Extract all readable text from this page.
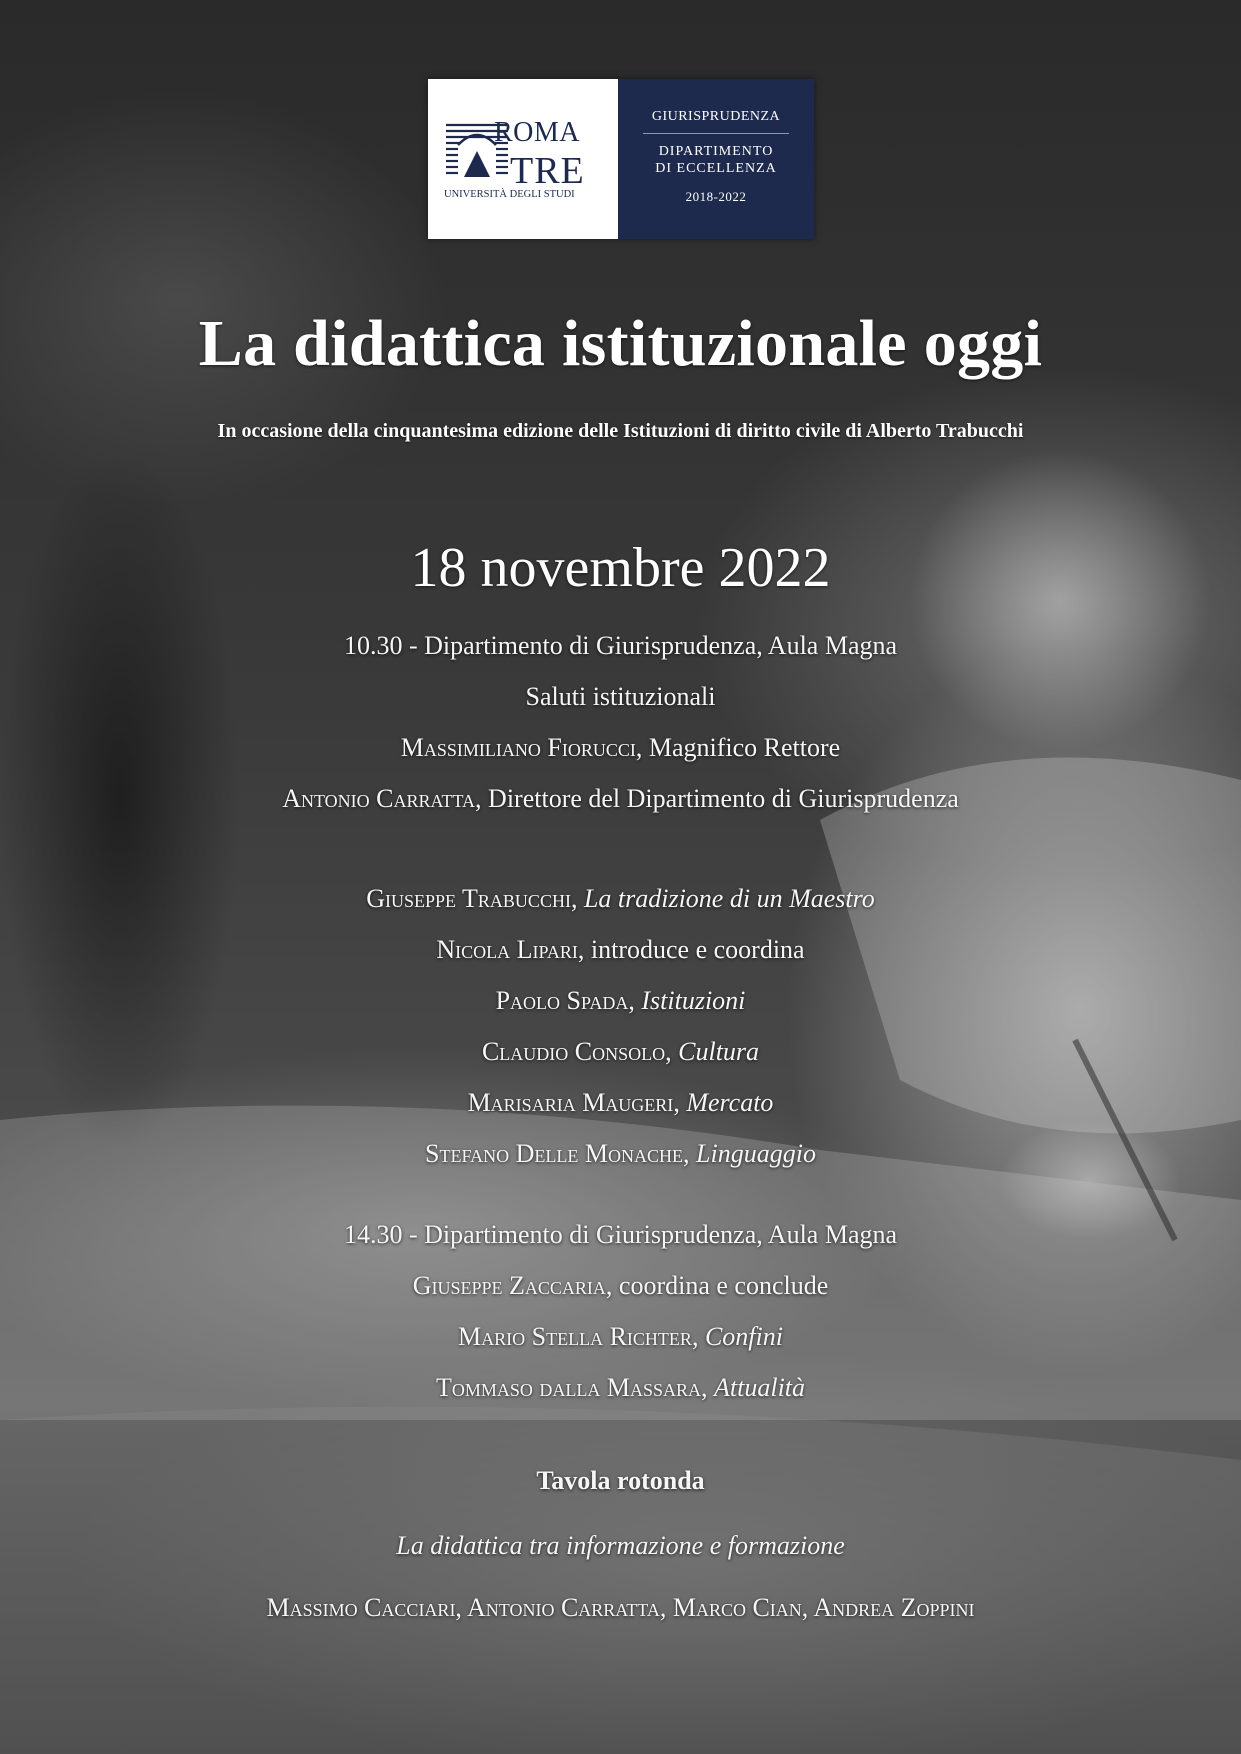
ROMA
TRE
UNIVERSITÀ DEGLI STUDI
GIURISPRUDENZA
DIPARTIMENTO
DI ECCELLENZA
2018-2022
La didattica istituzionale oggi
In occasione della cinquantesima edizione delle Istituzioni di diritto civile di Alberto Trabucchi
18 novembre 2022
10.30 - Dipartimento di Giurisprudenza, Aula Magna
Saluti istituzionali
Massimiliano Fiorucci, Magnifico Rettore
Antonio Carratta, Direttore del Dipartimento di Giurisprudenza
Giuseppe Trabucchi, La tradizione di un Maestro
Nicola Lipari, introduce e coordina
Paolo Spada, Istituzioni
Claudio Consolo, Cultura
Marisaria Maugeri, Mercato
Stefano Delle Monache, Linguaggio
14.30 - Dipartimento di Giurisprudenza, Aula Magna
Giuseppe Zaccaria, coordina e conclude
Mario Stella Richter, Confini
Tommaso dalla Massara, Attualità
Tavola rotonda
La didattica tra informazione e formazione
Massimo Cacciari, Antonio Carratta, Marco Cian, Andrea Zoppini
